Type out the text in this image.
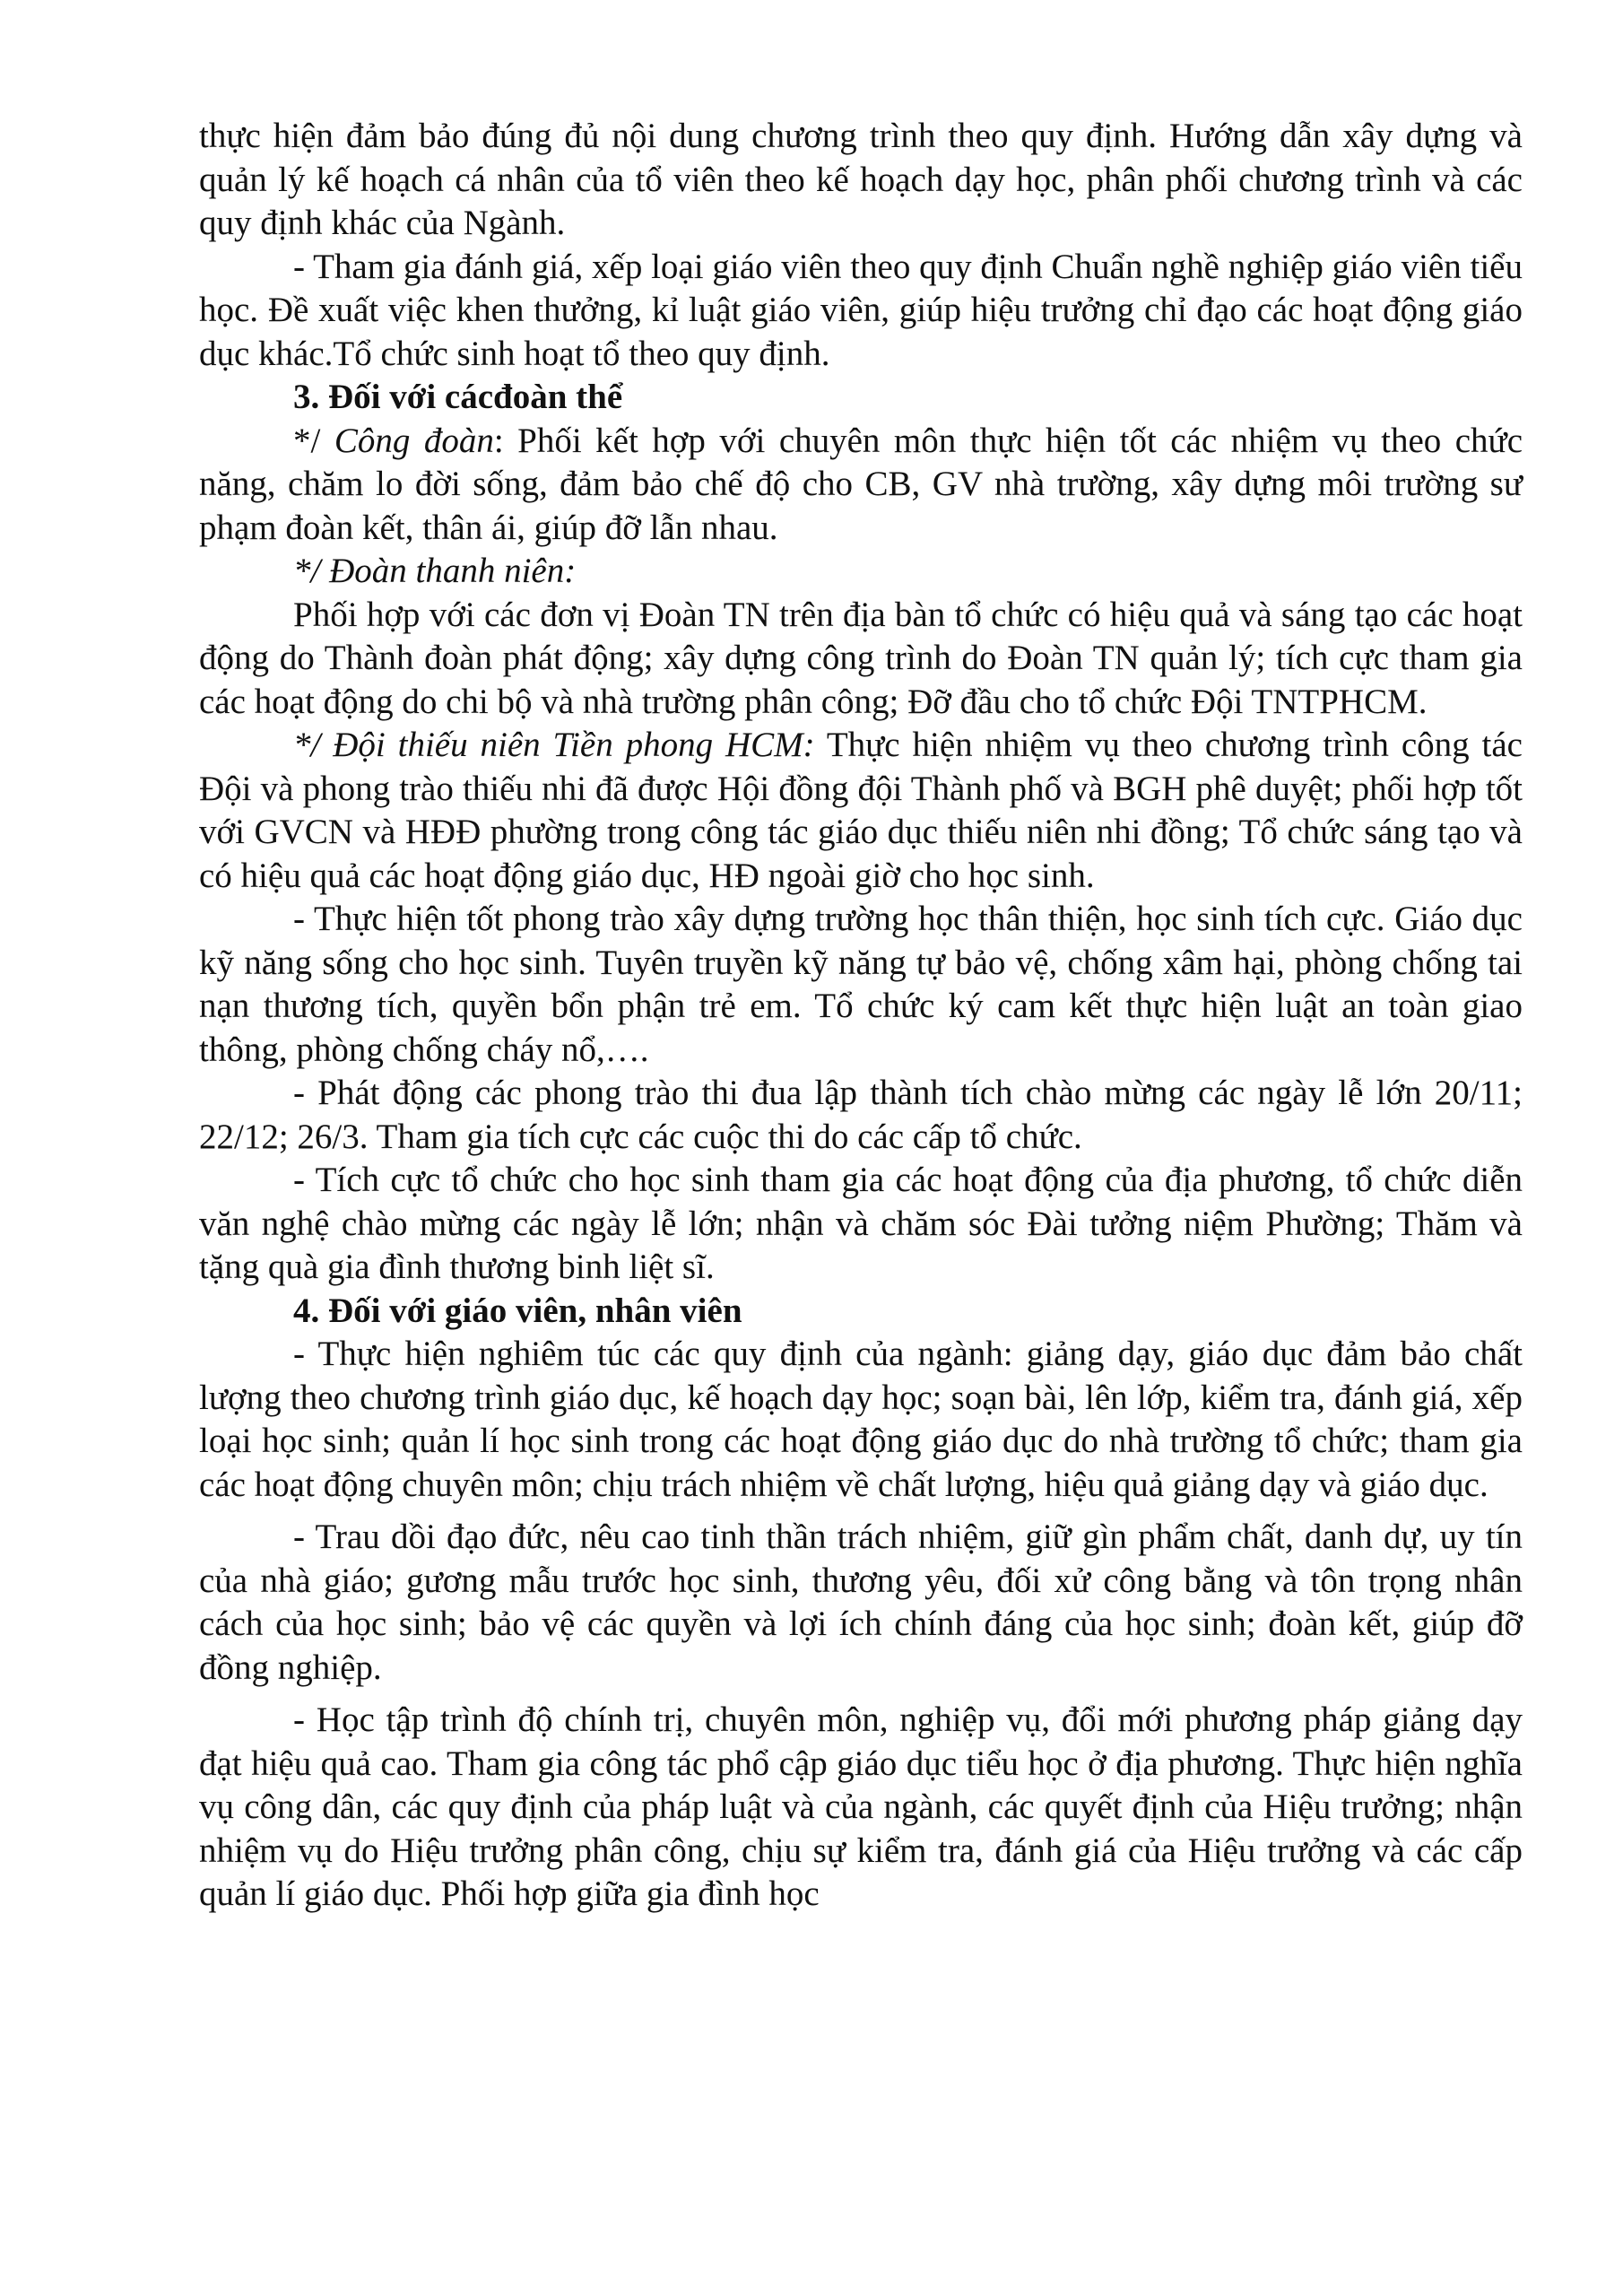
thực hiện đảm bảo đúng đủ nội dung chương trình theo quy định. Hướng dẫn xây dựng và quản lý kế hoạch cá nhân của tổ viên theo kế hoạch dạy học, phân phối chương trình và các quy định khác của Ngành.

- Tham gia đánh giá, xếp loại giáo viên theo quy định Chuẩn nghề nghiệp giáo viên tiểu học. Đề xuất việc khen thưởng, kỉ luật giáo viên, giúp hiệu trưởng chỉ đạo các hoạt động giáo dục khác.Tổ chức sinh hoạt tổ theo quy định.

3. Đối với cácđoàn thể

*/ Công đoàn: Phối kết hợp với chuyên môn thực hiện tốt các nhiệm vụ theo chức năng, chăm lo đời sống, đảm bảo chế độ cho CB, GV nhà trường, xây dựng môi trường sư phạm đoàn kết, thân ái, giúp đỡ lẫn nhau.

*/ Đoàn thanh niên:

Phối hợp với các đơn vị Đoàn TN trên địa bàn tổ chức có hiệu quả và sáng tạo các hoạt động do Thành đoàn phát động; xây dựng công trình do Đoàn TN quản lý; tích cực tham gia các hoạt động do chi bộ và nhà trường phân công; Đỡ đầu cho tổ chức Đội TNTPHCM.

*/ Đội thiếu niên Tiền phong HCM: Thực hiện nhiệm vụ theo chương trình công tác Đội và phong trào thiếu nhi đã được Hội đồng đội Thành phố và BGH phê duyệt; phối hợp tốt với GVCN và HĐĐ phường trong công tác giáo dục thiếu niên nhi đồng; Tổ chức sáng tạo và có hiệu quả các hoạt động giáo dục, HĐ ngoài giờ cho học sinh.

- Thực hiện tốt phong trào xây dựng trường học thân thiện, học sinh tích cực. Giáo dục kỹ năng sống cho học sinh. Tuyên truyền kỹ năng tự bảo vệ, chống xâm hại, phòng chống tai nạn thương tích, quyền bổn phận trẻ em. Tổ chức ký cam kết thực hiện luật an toàn giao thông, phòng chống cháy nổ,….

- Phát động các phong trào thi đua lập thành tích chào mừng các ngày lễ lớn 20/11; 22/12; 26/3. Tham gia tích cực các cuộc thi do các cấp tổ chức.

- Tích cực tổ chức cho học sinh tham gia các hoạt động của địa phương, tổ chức diễn văn nghệ chào mừng các ngày lễ lớn; nhận và chăm sóc Đài tưởng niệm Phường; Thăm và tặng quà gia đình thương binh liệt sĩ.

4. Đối với giáo viên, nhân viên

- Thực hiện nghiêm túc các quy định của ngành: giảng dạy, giáo dục đảm bảo chất lượng theo chương trình giáo dục, kế hoạch dạy học; soạn bài, lên lớp, kiểm tra, đánh giá, xếp loại học sinh; quản lí học sinh trong các hoạt động giáo dục do nhà trường tổ chức; tham gia các hoạt động chuyên môn; chịu trách nhiệm về chất lượng, hiệu quả giảng dạy và giáo dục.

- Trau dồi đạo đức, nêu cao tinh thần trách nhiệm, giữ gìn phẩm chất, danh dự, uy tín của nhà giáo; gương mẫu trước học sinh, thương yêu, đối xử công bằng và tôn trọng nhân cách của học sinh; bảo vệ các quyền và lợi ích chính đáng của học sinh; đoàn kết, giúp đỡ đồng nghiệp.

- Học tập trình độ chính trị, chuyên môn, nghiệp vụ, đổi mới phương pháp giảng dạy đạt hiệu quả cao. Tham gia công tác phổ cập giáo dục tiểu học ở địa phương. Thực hiện nghĩa vụ công dân, các quy định của pháp luật và của ngành, các quyết định của Hiệu trưởng; nhận nhiệm vụ do Hiệu trưởng phân công, chịu sự kiểm tra, đánh giá của Hiệu trưởng và các cấp quản lí giáo dục. Phối hợp giữa gia đình học
